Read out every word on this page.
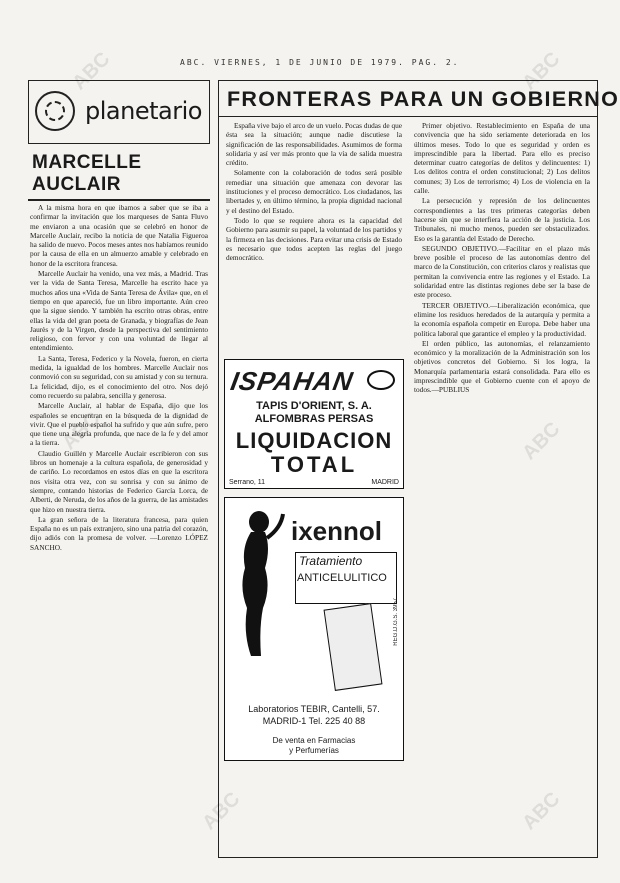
ABC. VIERNES, 1 DE JUNIO DE 1979. PAG. 2.
planetario
MARCELLE AUCLAIR

A la misma hora en que ibamos a saber que se iba a confirmar la invitación que los marqueses de Santa Fluvo me enviaron a una ocasión que se celebró en honor de Marcelle Auclair, recibo la noticia de que Natalia Figueroa ha salido de nuevo. Pocos meses antes nos habíamos reunido por la causa de ella en un almuerzo amable y celebrado en honor de la escritora francesa.

Marcelle Auclair ha venido, una vez más, a Madrid. Tras ver la vida de Santa Teresa, Marcelle ha escrito hace ya muchos años una «Vida de Santa Teresa de Ávila» que, en el tiempo en que apareció, fue un libro importante. Aún creo que la sigue siendo. Y también ha escrito otras obras, entre ellas la vida del gran poeta de Granada, y biografías de Jean Jaurès y de la Virgen, desde la perspectiva del sentimiento religioso, con fervor y con una voluntad de llegar al entendimiento.

La Santa, Teresa, Federico y la Novela, fueron, en cierta medida, la igualdad de los hombres. Marcelle Auclair nos conmovió con su seguridad, con su amistad y con su ternura. La felicidad, dijo, es el conocimiento del otro. Nos dejó como recuerdo su palabra, sencilla y generosa.

Marcelle Auclair, al hablar de España, dijo que los españoles se encuentran en la búsqueda de la dignidad de vivir. Que el pueblo español ha sufrido y que aún sufre, pero que tiene una alegría profunda, que nace de la fe y del amor a la tierra.

Claudio Guillén y Marcelle Auclair escribieron con sus libros un homenaje a la cultura española, de generosidad y de cariño. Lo recordamos en estos días en que la escritora nos visita otra vez, con su sonrisa y con su ánimo de siempre, contando historias de Federico García Lorca, de Alberti, de Neruda, de los años de la guerra, de las amistades que hizo en nuestra tierra.

La gran señora de la literatura francesa, para quien España no es un país extranjero, sino una patria del corazón, dijo adiós con la promesa de volver. —Lorenzo LÓPEZ SANCHO.

FRONTERAS PARA UN GOBIERNO

España vive bajo el arco de un vuelo. Pocas dudas de que ésta sea la situación; aunque nadie discutiese la significación de las responsabilidades. Asumimos de forma solidaria y así ver más pronto que la vía de salida muestra crédito.

Solamente con la colaboración de todos será posible remediar una situación que amenaza con devorar las instituciones y el proceso democrático. Los ciudadanos, las libertades y, en último término, la propia dignidad nacional y el destino del Estado.

Todo lo que se requiere ahora es la capacidad del Gobierno para asumir su papel, la voluntad de los partidos y la firmeza en las decisiones. Para evitar una crisis de Estado es necesario que todos acepten las reglas del juego democrático.

ISPAHAN
TAPIS D'ORIENT, S. A.
ALFOMBRAS PERSAS
LIQUIDACION
TOTAL
Serrano, 11	MADRID
ixennol
Tratamiento
ANTICELULITICO
REG.D.G.S. 3957
Laboratorios TEBIR, Cantelli, 57.
MADRID-1 Tel. 225 40 88
De venta en Farmacias
y Perfumerías

Primer objetivo. Restablecimiento en España de una convivencia que ha sido seriamente deteriorada en los últimos meses. Todo lo que es seguridad y orden es imprescindible para la libertad. Para ello es preciso determinar cuatro categorías de delitos y delincuentes: 1) Los delitos contra el orden constitucional; 2) Los delitos comunes; 3) Los de terrorismo; 4) Los de violencia en la calle.

La persecución y represión de los delincuentes correspondientes a las tres primeras categorías deben hacerse sin que se interfiera la acción de la justicia. Los Tribunales, ni mucho menos, pueden ser obstaculizados. Eso es la garantía del Estado de Derecho.

SEGUNDO OBJETIVO.—Facilitar en el plazo más breve posible el proceso de las autonomías dentro del marco de la Constitución, con criterios claros y realistas que permitan la convivencia entre las regiones y el Estado. La solidaridad entre las distintas regiones debe ser la base de este proceso.

TERCER OBJETIVO.—Liberalización económica, que elimine los residuos heredados de la autarquía y permita a la economía española competir en Europa. Debe haber una política laboral que garantice el empleo y la productividad.

El orden público, las autonomías, el relanzamiento económico y la moralización de la Administración son los objetivos concretos del Gobierno. Si los logra, la Monarquía parlamentaria estará consolidada. Para ello es imprescindible que el Gobierno cuente con el apoyo de todos.—PUBLIUS

ABC	ABC
ABC	ABC
ABC	ABC
